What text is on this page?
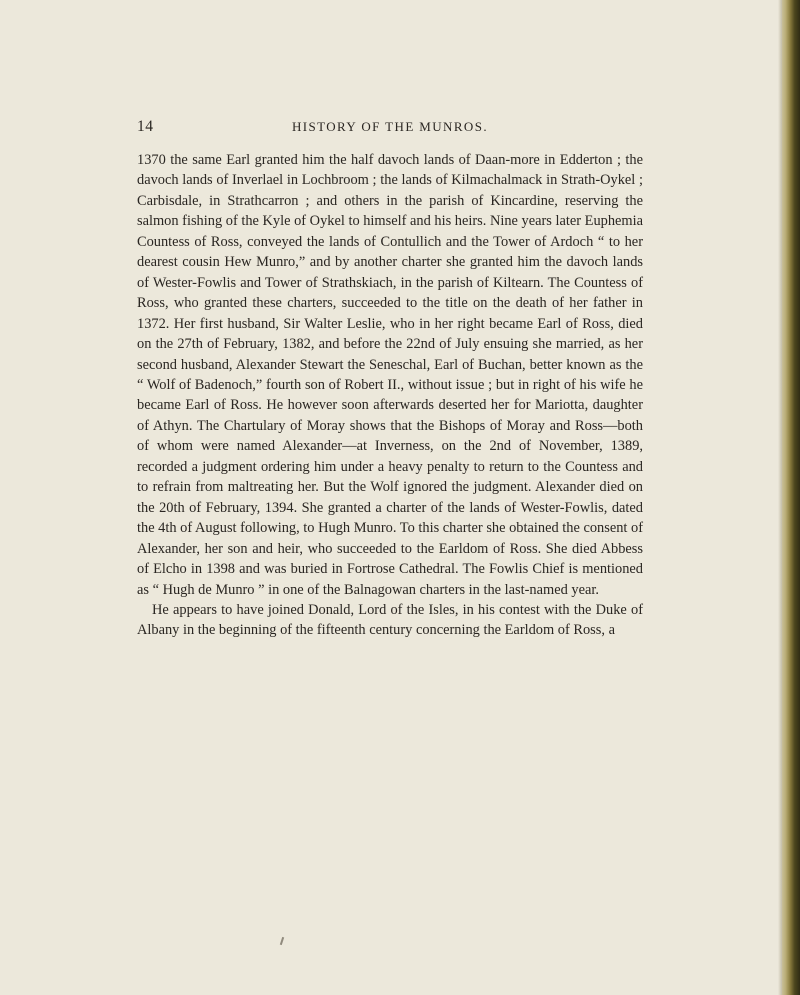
14	HISTORY OF THE MUNROS.

1370 the same Earl granted him the half davoch lands of Daan-more in Edderton ; the davoch lands of Inverlael in Lochbroom ; the lands of Kilmachalmack in Strath-Oykel ; Carbisdale, in Strathcarron ; and others in the parish of Kincardine, reserving the salmon fishing of the Kyle of Oykel to himself and his heirs. Nine years later Euphemia Countess of Ross, conveyed the lands of Contullich and the Tower of Ardoch “ to her dearest cousin Hew Munro,” and by another charter she granted him the davoch lands of Wester-Fowlis and Tower of Strathskiach, in the parish of Kiltearn. The Countess of Ross, who granted these charters, succeeded to the title on the death of her father in 1372. Her first husband, Sir Walter Leslie, who in her right became Earl of Ross, died on the 27th of February, 1382, and before the 22nd of July ensuing she married, as her second husband, Alexander Stewart the Seneschal, Earl of Buchan, better known as the “ Wolf of Badenoch,” fourth son of Robert II., without issue ; but in right of his wife he became Earl of Ross. He however soon afterwards deserted her for Mariotta, daughter of Athyn. The Chartulary of Moray shows that the Bishops of Moray and Ross—both of whom were named Alexander—at Inverness, on the 2nd of November, 1389, recorded a judgment ordering him under a heavy penalty to return to the Countess and to refrain from maltreating her. But the Wolf ignored the judgment. Alexander died on the 20th of February, 1394. She granted a charter of the lands of Wester-Fowlis, dated the 4th of August following, to Hugh Munro. To this charter she obtained the consent of Alexander, her son and heir, who succeeded to the Earldom of Ross. She died Abbess of Elcho in 1398 and was buried in Fortrose Cathedral. The Fowlis Chief is mentioned as “ Hugh de Munro ” in one of the Balnagowan charters in the last-named year.

He appears to have joined Donald, Lord of the Isles, in his contest with the Duke of Albany in the beginning of the fifteenth century concerning the Earldom of Ross, a
